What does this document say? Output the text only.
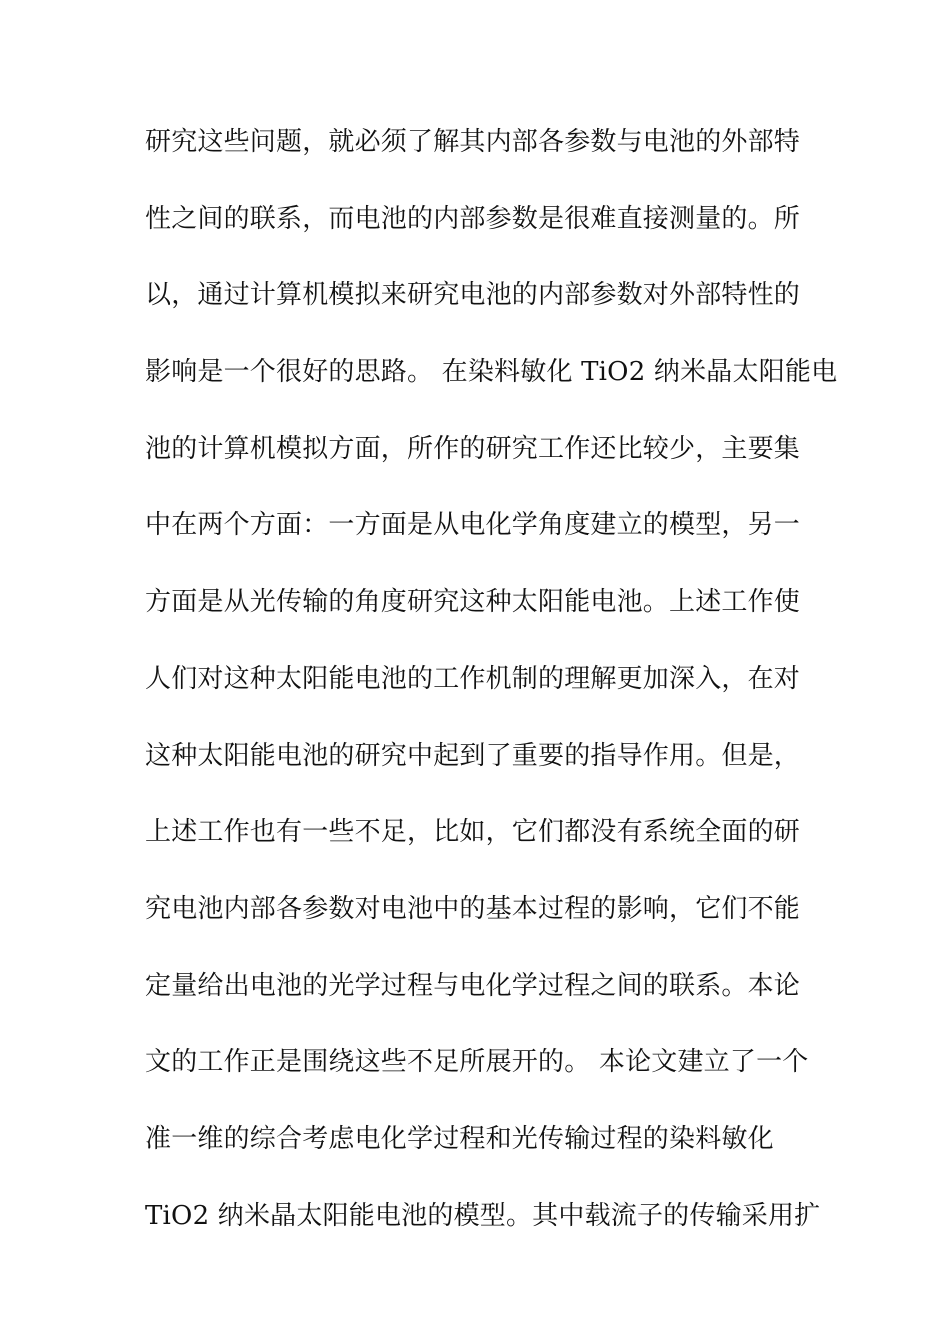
研究这些问题，就必须了解其内部各参数与电池的外部特
性之间的联系，而电池的内部参数是很难直接测量的。所
以，通过计算机模拟来研究电池的内部参数对外部特性的
影响是一个很好的思路。 在染料敏化 TiO2 纳米晶太阳能电
池的计算机模拟方面，所作的研究工作还比较少，主要集
中在两个方面：一方面是从电化学角度建立的模型，另一
方面是从光传输的角度研究这种太阳能电池。上述工作使
人们对这种太阳能电池的工作机制的理解更加深入，在对
这种太阳能电池的研究中起到了重要的指导作用。但是，
上述工作也有一些不足，比如，它们都没有系统全面的研
究电池内部各参数对电池中的基本过程的影响，它们不能
定量给出电池的光学过程与电化学过程之间的联系。本论
文的工作正是围绕这些不足所展开的。 本论文建立了一个
准一维的综合考虑电化学过程和光传输过程的染料敏化
TiO2 纳米晶太阳能电池的模型。其中载流子的传输采用扩
